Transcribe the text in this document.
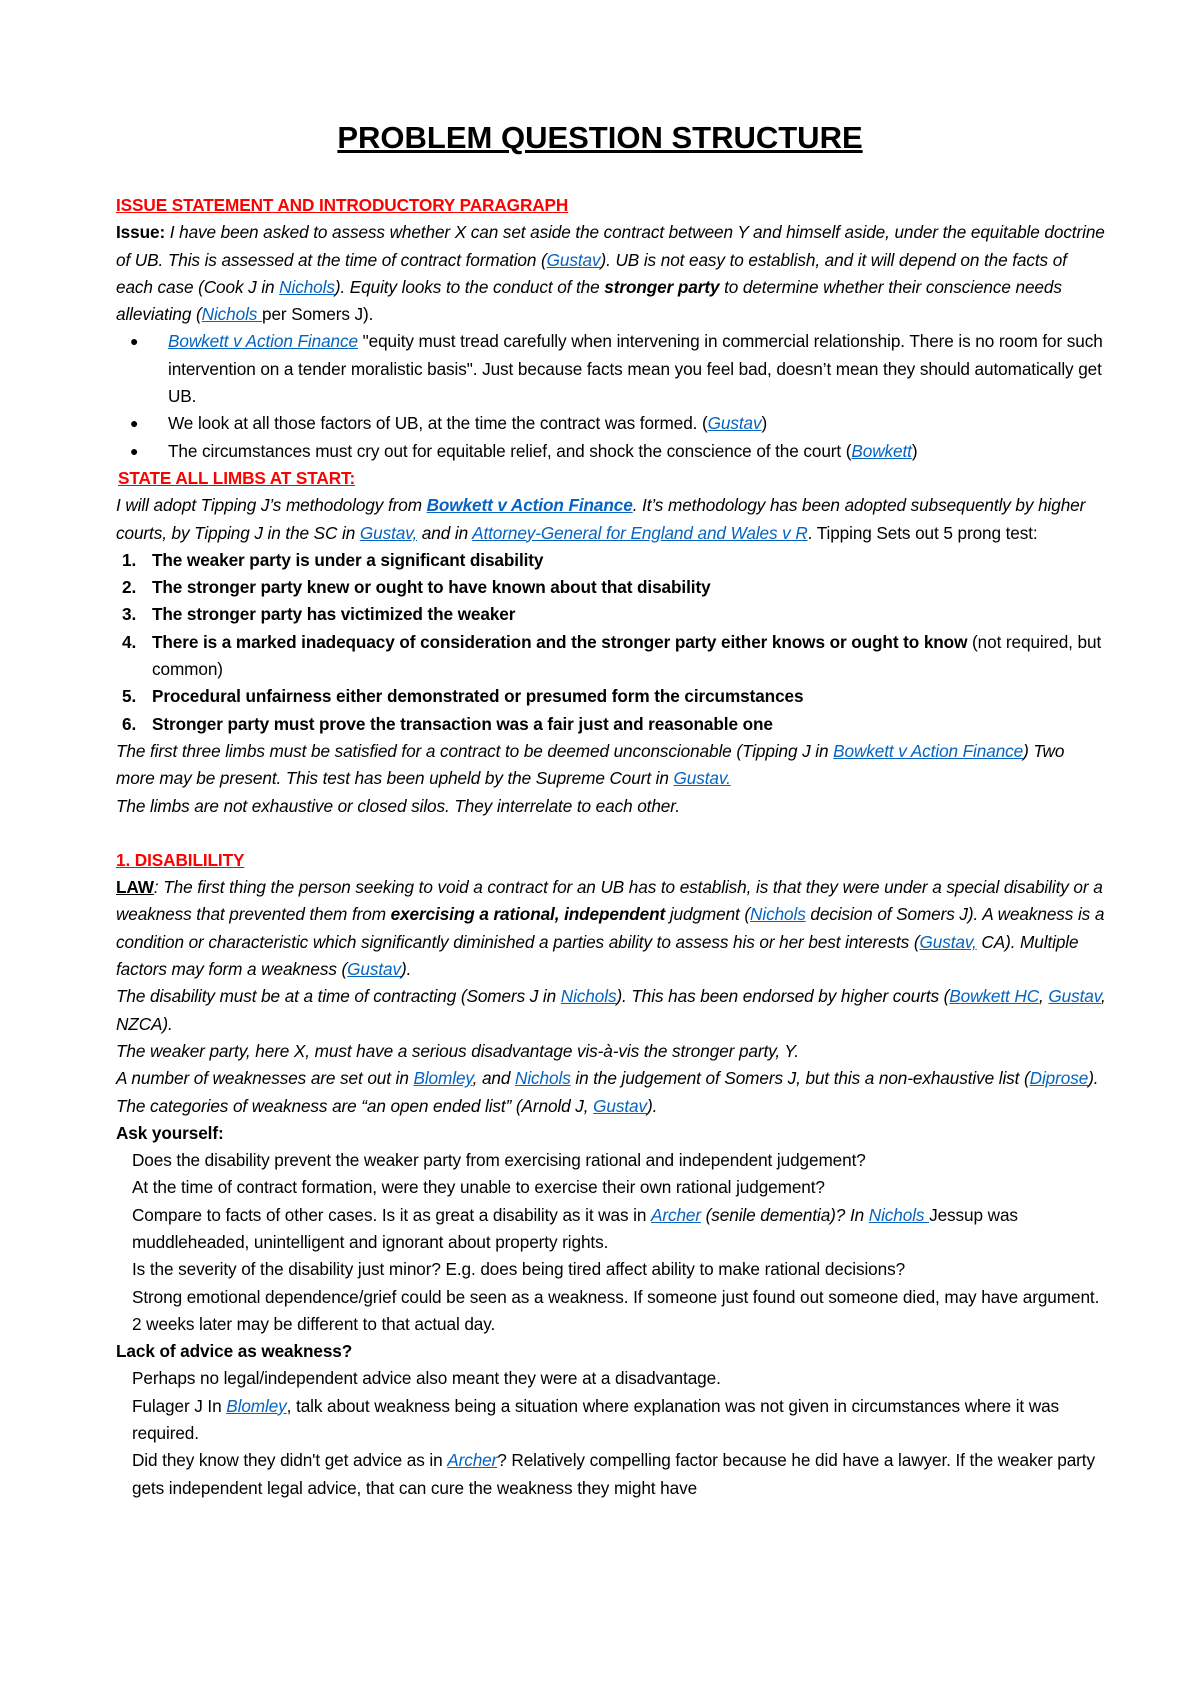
PROBLEM QUESTION STRUCTURE

ISSUE STATEMENT AND INTRODUCTORY PARAGRAPH

Issue: I have been asked to assess whether X can set aside the contract between Y and himself aside, under the equitable doctrine of UB. This is assessed at the time of contract formation (Gustav). UB is not easy to establish, and it will depend on the facts of each case (Cook J in Nichols). Equity looks to the conduct of the stronger party to determine whether their conscience needs alleviating (Nichols per Somers J).

● Bowkett v Action Finance "equity must tread carefully when intervening in commercial relationship. There is no room for such intervention on a tender moralistic basis". Just because facts mean you feel bad, doesn’t mean they should automatically get UB.

● We look at all those factors of UB, at the time the contract was formed. (Gustav)

● The circumstances must cry out for equitable relief, and shock the conscience of the court (Bowkett)

STATE ALL LIMBS AT START:

I will adopt Tipping J’s methodology from Bowkett v Action Finance. It’s methodology has been adopted subsequently by higher courts, by Tipping J in the SC in Gustav, and in Attorney-General for England and Wales v R. Tipping Sets out 5 prong test:

1. The weaker party is under a significant disability

2. The stronger party knew or ought to have known about that disability

3. The stronger party has victimized the weaker

4. There is a marked inadequacy of consideration and the stronger party either knows or ought to know (not required, but common)

5. Procedural unfairness either demonstrated or presumed form the circumstances

6. Stronger party must prove the transaction was a fair just and reasonable one

The first three limbs must be satisfied for a contract to be deemed unconscionable (Tipping J in Bowkett v Action Finance) Two more may be present. This test has been upheld by the Supreme Court in Gustav.

The limbs are not exhaustive or closed silos. They interrelate to each other.

1. DISABILILITY

LAW: The first thing the person seeking to void a contract for an UB has to establish, is that they were under a special disability or a weakness that prevented them from exercising a rational, independent judgment (Nichols decision of Somers J). A weakness is a condition or characteristic which significantly diminished a parties ability to assess his or her best interests (Gustav, CA). Multiple factors may form a weakness (Gustav).

The disability must be at a time of contracting (Somers J in Nichols). This has been endorsed by higher courts (Bowkett HC, Gustav, NZCA).

The weaker party, here X, must have a serious disadvantage vis-à-vis the stronger party, Y.

A number of weaknesses are set out in Blomley, and Nichols in the judgement of Somers J, but this a non-exhaustive list (Diprose). The categories of weakness are “an open ended list” (Arnold J, Gustav).

Ask yourself:

Does the disability prevent the weaker party from exercising rational and independent judgement?

At the time of contract formation, were they unable to exercise their own rational judgement?

Compare to facts of other cases. Is it as great a disability as it was in Archer (senile dementia)? In Nichols Jessup was muddleheaded, unintelligent and ignorant about property rights.

Is the severity of the disability just minor? E.g. does being tired affect ability to make rational decisions?

Strong emotional dependence/grief could be seen as a weakness. If someone just found out someone died, may have argument. 2 weeks later may be different to that actual day.

Lack of advice as weakness?

Perhaps no legal/independent advice also meant they were at a disadvantage.

Fulager J In Blomley, talk about weakness being a situation where explanation was not given in circumstances where it was required.

Did they know they didn't get advice as in Archer? Relatively compelling factor because he did have a lawyer. If the weaker party gets independent legal advice, that can cure the weakness they might have
